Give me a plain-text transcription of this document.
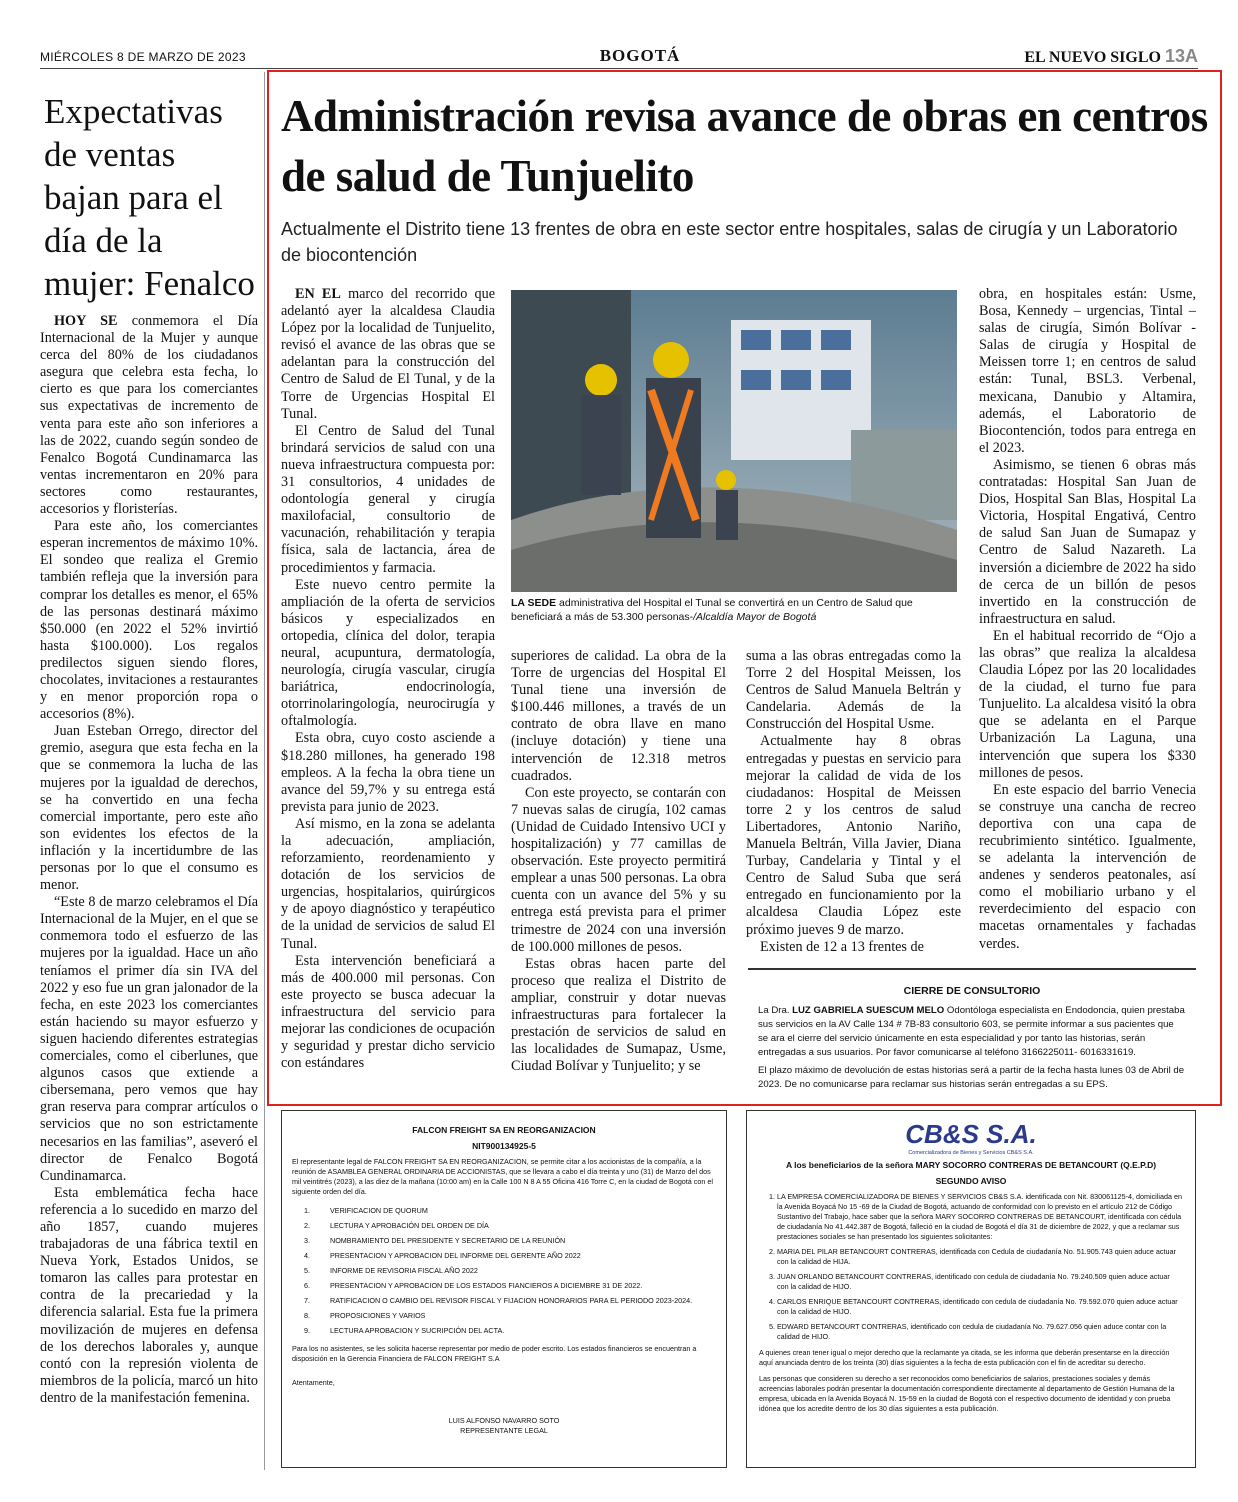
MIÉRCOLES 8 DE MARZO DE 2023	BOGOTÁ	EL NUEVO SIGLO 13A
Expectativas de ventas bajan para el día de la mujer: Fenalco

HOY SE conmemora el Día Internacional de la Mujer y aunque cerca del 80% de los ciudadanos asegura que celebra esta fecha, lo cierto es que para los comerciantes sus expectativas de incremento de venta para este año son inferiores a las de 2022, cuando según sondeo de Fenalco Bogotá Cundinamarca las ventas incrementaron en 20% para sectores como restaurantes, accesorios y floristerías.

Para este año, los comerciantes esperan incrementos de máximo 10%. El sondeo que realiza el Gremio también refleja que la inversión para comprar los detalles es menor, el 65% de las personas destinará máximo $50.000 (en 2022 el 52% invirtió hasta $100.000). Los regalos predilectos siguen siendo flores, chocolates, invitaciones a restaurantes y en menor proporción ropa o accesorios (8%).

Juan Esteban Orrego, director del gremio, asegura que esta fecha en la que se conmemora la lucha de las mujeres por la igualdad de derechos, se ha convertido en una fecha comercial importante, pero este año son evidentes los efectos de la inflación y la incertidumbre de las personas por lo que el consumo es menor.

“Este 8 de marzo celebramos el Día Internacional de la Mujer, en el que se conmemora todo el esfuerzo de las mujeres por la igualdad. Hace un año teníamos el primer día sin IVA del 2022 y eso fue un gran jalonador de la fecha, en este 2023 los comerciantes están haciendo su mayor esfuerzo y siguen haciendo diferentes estrategias comerciales, como el ciberlunes, que algunos casos que extiende a cibersemana, pero vemos que hay gran reserva para comprar artículos o servicios que no son estrictamente necesarios en las familias”, aseveró el director de Fenalco Bogotá Cundinamarca.

Esta emblemática fecha hace referencia a lo sucedido en marzo del año 1857, cuando mujeres trabajadoras de una fábrica textil en Nueva York, Estados Unidos, se tomaron las calles para protestar en contra de la precariedad y la diferencia salarial. Esta fue la primera movilización de mujeres en defensa de los derechos laborales y, aunque contó con la represión violenta de miembros de la policía, marcó un hito dentro de la manifestación femenina.

Administración revisa avance de obras en centros de salud de Tunjuelito
Actualmente el Distrito tiene 13 frentes de obra en este sector entre hospitales, salas de cirugía y un Laboratorio de biocontención

EN EL marco del recorrido que adelantó ayer la alcaldesa Claudia López por la localidad de Tunjuelito, revisó el avance de las obras que se adelantan para la construcción del Centro de Salud de El Tunal, y de la Torre de Urgencias Hospital El Tunal.

El Centro de Salud del Tunal brindará servicios de salud con una nueva infraestructura compuesta por: 31 consultorios, 4 unidades de odontología general y cirugía maxilofacial, consultorio de vacunación, rehabilitación y terapia física, sala de lactancia, área de procedimientos y farmacia.

Este nuevo centro permite la ampliación de la oferta de servicios básicos y especializados en ortopedia, clínica del dolor, terapia neural, acupuntura, dermatología, neurología, cirugía vascular, cirugía bariátrica, endocrinología, otorrinolaringología, neurocirugía y oftalmología.

Esta obra, cuyo costo asciende a $18.280 millones, ha generado 198 empleos. A la fecha la obra tiene un avance del 59,7% y su entrega está prevista para junio de 2023.

Así mismo, en la zona se adelanta la adecuación, ampliación, reforzamiento, reordenamiento y dotación de los servicios de urgencias, hospitalarios, quirúrgicos y de apoyo diagnóstico y terapéutico de la unidad de servicios de salud El Tunal.

Esta intervención beneficiará a más de 400.000 mil personas. Con este proyecto se busca adecuar la infraestructura del servicio para mejorar las condiciones de ocupación y seguridad y prestar dicho servicio con estándares

LA SEDE administrativa del Hospital el Tunal se convertirá en un Centro de Salud que beneficiará a más de 53.300 personas-/Alcaldía Mayor de Bogotá

superiores de calidad. La obra de la Torre de urgencias del Hospital El Tunal tiene una inversión de $100.446 millones, a través de un contrato de obra llave en mano (incluye dotación) y tiene una intervención de 12.318 metros cuadrados.

Con este proyecto, se contarán con 7 nuevas salas de cirugía, 102 camas (Unidad de Cuidado Intensivo UCI y hospitalización) y 77 camillas de observación. Este proyecto permitirá emplear a unas 500 personas. La obra cuenta con un avance del 5% y su entrega está prevista para el primer trimestre de 2024 con una inversión de 100.000 millones de pesos.

Estas obras hacen parte del proceso que realiza el Distrito de ampliar, construir y dotar nuevas infraestructuras para fortalecer la prestación de servicios de salud en las localidades de Sumapaz, Usme, Ciudad Bolívar y Tunjuelito; y se

suma a las obras entregadas como la Torre 2 del Hospital Meissen, los Centros de Salud Manuela Beltrán y Candelaria. Además de la Construcción del Hospital Usme.

Actualmente hay 8 obras entregadas y puestas en servicio para mejorar la calidad de vida de los ciudadanos: Hospital de Meissen torre 2 y los centros de salud Libertadores, Antonio Nariño, Manuela Beltrán, Villa Javier, Diana Turbay, Candelaria y Tintal y el Centro de Salud Suba que será entregado en funcionamiento por la alcaldesa Claudia López este próximo jueves 9 de marzo.

Existen de 12 a 13 frentes de

obra, en hospitales están: Usme, Bosa, Kennedy – urgencias, Tintal – salas de cirugía, Simón Bolívar - Salas de cirugía y Hospital de Meissen torre 1; en centros de salud están: Tunal, BSL3. Verbenal, mexicana, Danubio y Altamira, además, el Laboratorio de Biocontención, todos para entrega en el 2023.

Asimismo, se tienen 6 obras más contratadas: Hospital San Juan de Dios, Hospital San Blas, Hospital La Victoria, Hospital Engativá, Centro de salud San Juan de Sumapaz y Centro de Salud Nazareth. La inversión a diciembre de 2022 ha sido de cerca de un billón de pesos invertido en la construcción de infraestructura en salud.

En el habitual recorrido de “Ojo a las obras” que realiza la alcaldesa Claudia López por las 20 localidades de la ciudad, el turno fue para Tunjuelito. La alcaldesa visitó la obra que se adelanta en el Parque Urbanización La Laguna, una intervención que supera los $330 millones de pesos.

En este espacio del barrio Venecia se construye una cancha de recreo deportiva con una capa de recubrimiento sintético. Igualmente, se adelanta la intervención de andenes y senderos peatonales, así como el mobiliario urbano y el reverdecimiento del espacio con macetas ornamentales y fachadas verdes.

CIERRE DE CONSULTORIO

La Dra. LUZ GABRIELA SUESCUM MELO Odontóloga especialista en Endodoncia, quien prestaba sus servicios en la AV Calle 134 # 7B-83 consultorio 603, se permite informar a sus pacientes que se ara el cierre del servicio únicamente en esta especialidad y por tanto las historias, serán entregadas a sus usuarios. Por favor comunicarse al teléfono 3166225011- 6016331619.

El plazo máximo de devolución de estas historias será a partir de la fecha hasta lunes 03 de Abril de 2023. De no comunicarse para reclamar sus historias serán entregadas a su EPS.

FALCON FREIGHT SA EN REORGANIZACION
NIT900134925-5

El representante legal de FALCON FREIGHT SA EN REORGANIZACION, se permite citar a los accionistas de la compañía, a la reunión de ASAMBLEA GENERAL ORDINARIA DE ACCIONISTAS, que se llevara a cabo el día treinta y uno (31) de Marzo del dos mil veintitrés (2023), a las diez de la mañana (10:00 am) en la Calle 100 N 8 A 55 Oficina 416 Torre C, en la ciudad de Bogotá con el siguiente orden del día.

1. VERIFICACION DE QUORUM
2. LECTURA Y APROBACIÓN DEL ORDEN DE DÍA
3. NOMBRAMIENTO DEL PRESIDENTE Y SECRETARIO DE LA REUNIÓN
4. PRESENTACION Y APROBACION DEL INFORME DEL GERENTE AÑO 2022
5. INFORME DE REVISORIA FISCAL AÑO 2022
6. PRESENTACION Y APROBACION DE LOS ESTADOS FIANCIEROS A DICIEMBRE 31 DE 2022.
7. RATIFICACION O CAMBIO DEL REVISOR FISCAL Y FIJACION HONORARIOS PARA EL PERIODO 2023-2024.
8. PROPOSICIONES Y VARIOS
9. LECTURA APROBACION Y SUCRIPCIÓN DEL ACTA.

Para los no asistentes, se les solicita hacerse representar por medio de poder escrito. Los estados financieros se encuentran a disposición en la Gerencia Financiera de FALCON FREIGHT S.A

Atentamente,

LUIS ALFONSO NAVARRO SOTO
REPRESENTANTE LEGAL
CB&S S.A.
Comercializadora de Bienes y Servicios CB&S S.A.
A los beneficiarios de la señora MARY SOCORRO CONTRERAS DE BETANCOURT (Q.E.P.D)
SEGUNDO AVISO
1. LA EMPRESA COMERCIALIZADORA DE BIENES Y SERVICIOS CB&S S.A. identificada con Nit. 830061125-4, domiciliada en la Avenida Boyacá No 15 -69 de la Ciudad de Bogotá, actuando de conformidad con lo previsto en el artículo 212 de Código Sustantivo del Trabajo, hace saber que la señora MARY SOCORRO CONTRERAS DE BETANCOURT, identificada con cédula de ciudadanía No 41.442.387 de Bogotá, falleció en la ciudad de Bogotá el día 31 de diciembre de 2022, y que a reclamar sus prestaciones sociales se han presentado los siguientes solicitantes:
2. MARIA DEL PILAR BETANCOURT CONTRERAS, identificada con Cedula de ciudadanía No. 51.905.743 quien aduce actuar con la calidad de HIJA.
3. JUAN ORLANDO BETANCOURT CONTRERAS, identificado con cedula de ciudadanía No. 79.240.509 quien aduce actuar con la calidad de HIJO.
4. CARLOS ENRIQUE BETANCOURT CONTRERAS, identificado con cedula de ciudadanía No. 79.592.070 quien aduce actuar con la calidad de HIJO.
5. EDWARD BETANCOURT CONTRERAS, identificado con cedula de ciudadanía No. 79.627.056 quien aduce contar con la calidad de HIJO.

A quienes crean tener igual o mejor derecho que la reclamante ya citada, se les informa que deberán presentarse en la dirección aquí anunciada dentro de los treinta (30) días siguientes a la fecha de esta publicación con el fin de acreditar su derecho.

Las personas que consideren su derecho a ser reconocidos como beneficiarios de salarios, prestaciones sociales y demás acreencias laborales podrán presentar la documentación correspondiente directamente al departamento de Gestión Humana de la empresa, ubicada en la Avenida Boyacá N. 15-59 en la ciudad de Bogotá con el respectivo documento de identidad y con prueba idónea que los acredite dentro de los 30 días siguientes a esta publicación.
